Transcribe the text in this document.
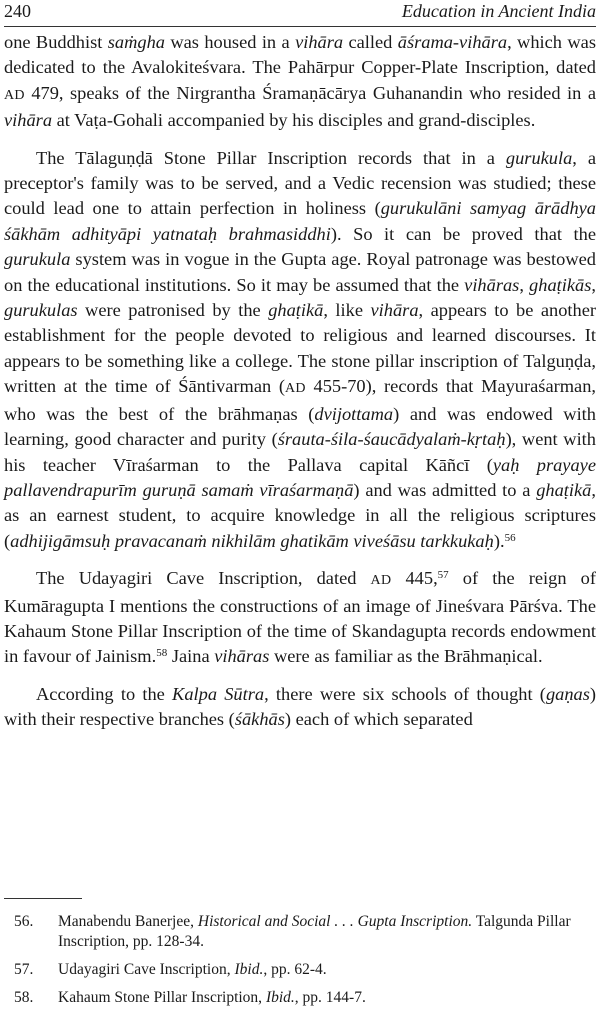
240	Education in Ancient India

one Buddhist saṁgha was housed in a vihāra called āśrama-vihāra, which was dedicated to the Avalokiteśvara. The Pahārpur Copper-Plate Inscription, dated AD 479, speaks of the Nirgrantha Śramaṇācārya Guhanandin who resided in a vihāra at Vaṭa-Gohali accompanied by his disciples and grand-disciples.

The Tālaguṇḍā Stone Pillar Inscription records that in a gurukula, a preceptor's family was to be served, and a Vedic recension was studied; these could lead one to attain perfection in holiness (gurukulāni samyag ārādhya śākhām adhityāpi yatnataḥ brahmasiddhi). So it can be proved that the gurukula system was in vogue in the Gupta age. Royal patronage was bestowed on the educational institutions. So it may be assumed that the vihāras, ghaṭikās, gurukulas were patronised by the ghaṭikā, like vihāra, appears to be another establishment for the people devoted to religious and learned discourses. It appears to be something like a college. The stone pillar inscription of Talguṇḍa, written at the time of Śāntivarman (AD 455-70), records that Mayuraśarman, who was the best of the brāhmaṇas (dvijottama) and was endowed with learning, good character and purity (śrauta-śila-śaucādyalaṁ-kṛtaḥ), went with his teacher Vīraśarman to the Pallava capital Kāñcī (yaḥ prayaye pallavendrapurīm guruṇā samaṁ vīraśarmaṇā) and was admitted to a ghaṭikā, as an earnest student, to acquire knowledge in all the religious scriptures (adhijigāmsuḥ pravacanaṁ nikhilām ghatikām viveśāsu tarkkukaḥ).$^{56}$

The Udayagiri Cave Inscription, dated AD 445,57 of the reign of Kumāragupta I mentions the constructions of an image of Jineśvara Pārśva. The Kahaum Stone Pillar Inscription of the time of Skandagupta records endowment in favour of Jainism.$^{58}$ Jaina vihāras were as familiar as the Brāhmaṇical.

According to the Kalpa Sūtra, there were six schools of thought (gaṇas) with their respective branches (śākhās) each of which separated

56.	Manabendu Banerjee, Historical and Social . . . Gupta Inscription. Talgunda Pillar Inscription, pp. 128-34.
57.	Udayagiri Cave Inscription, Ibid., pp. 62-4.
58.	Kahaum Stone Pillar Inscription, Ibid., pp. 144-7.
